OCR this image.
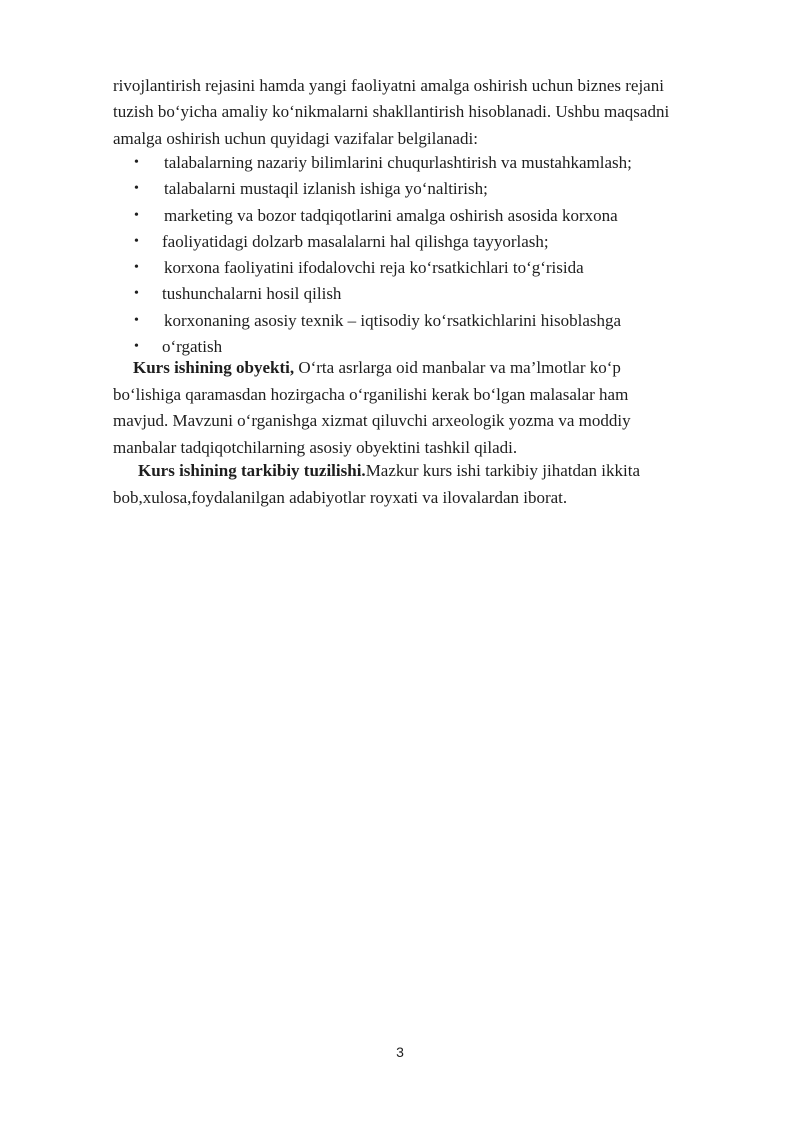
rivojlantirish rejasini hamda yangi faoliyatni amalga oshirish uchun biznes rejani
tuzish bo‘yicha amaliy ko‘nikmalarni shakllantirish hisoblanadi. Ushbu maqsadni
amalga oshirish uchun quyidagi vazifalar belgilanadi:
• talabalarning nazariy bilimlarini chuqurlashtirish va mustahkamlash;
• talabalarni mustaqil izlanish ishiga yo‘naltirish;
• marketing va bozor tadqiqotlarini amalga oshirish asosida korxona
• faoliyatidagi dolzarb masalalarni hal qilishga tayyorlash;
• korxona faoliyatini ifodalovchi reja ko‘rsatkichlari to‘g‘risida
• tushunchalarni hosil qilish
• korxonaning asosiy texnik – iqtisodiy ko‘rsatkichlarini hisoblashga
• o‘rgatish
Kurs ishining obyekti, O‘rta asrlarga oid manbalar va ma’lmotlar ko‘p
bo‘lishiga qaramasdan hozirgacha o‘rganilishi kerak bo‘lgan malasalar ham
mavjud. Mavzuni o‘rganishga xizmat qiluvchi arxeologik yozma va moddiy
manbalar tadqiqotchilarning asosiy obyektini tashkil qiladi.
Kurs ishining tarkibiy tuzilishi.Mazkur kurs ishi tarkibiy jihatdan ikkita
bob,xulosa,foydalanilgan adabiyotlar royxati va ilovalardan iborat.
3
